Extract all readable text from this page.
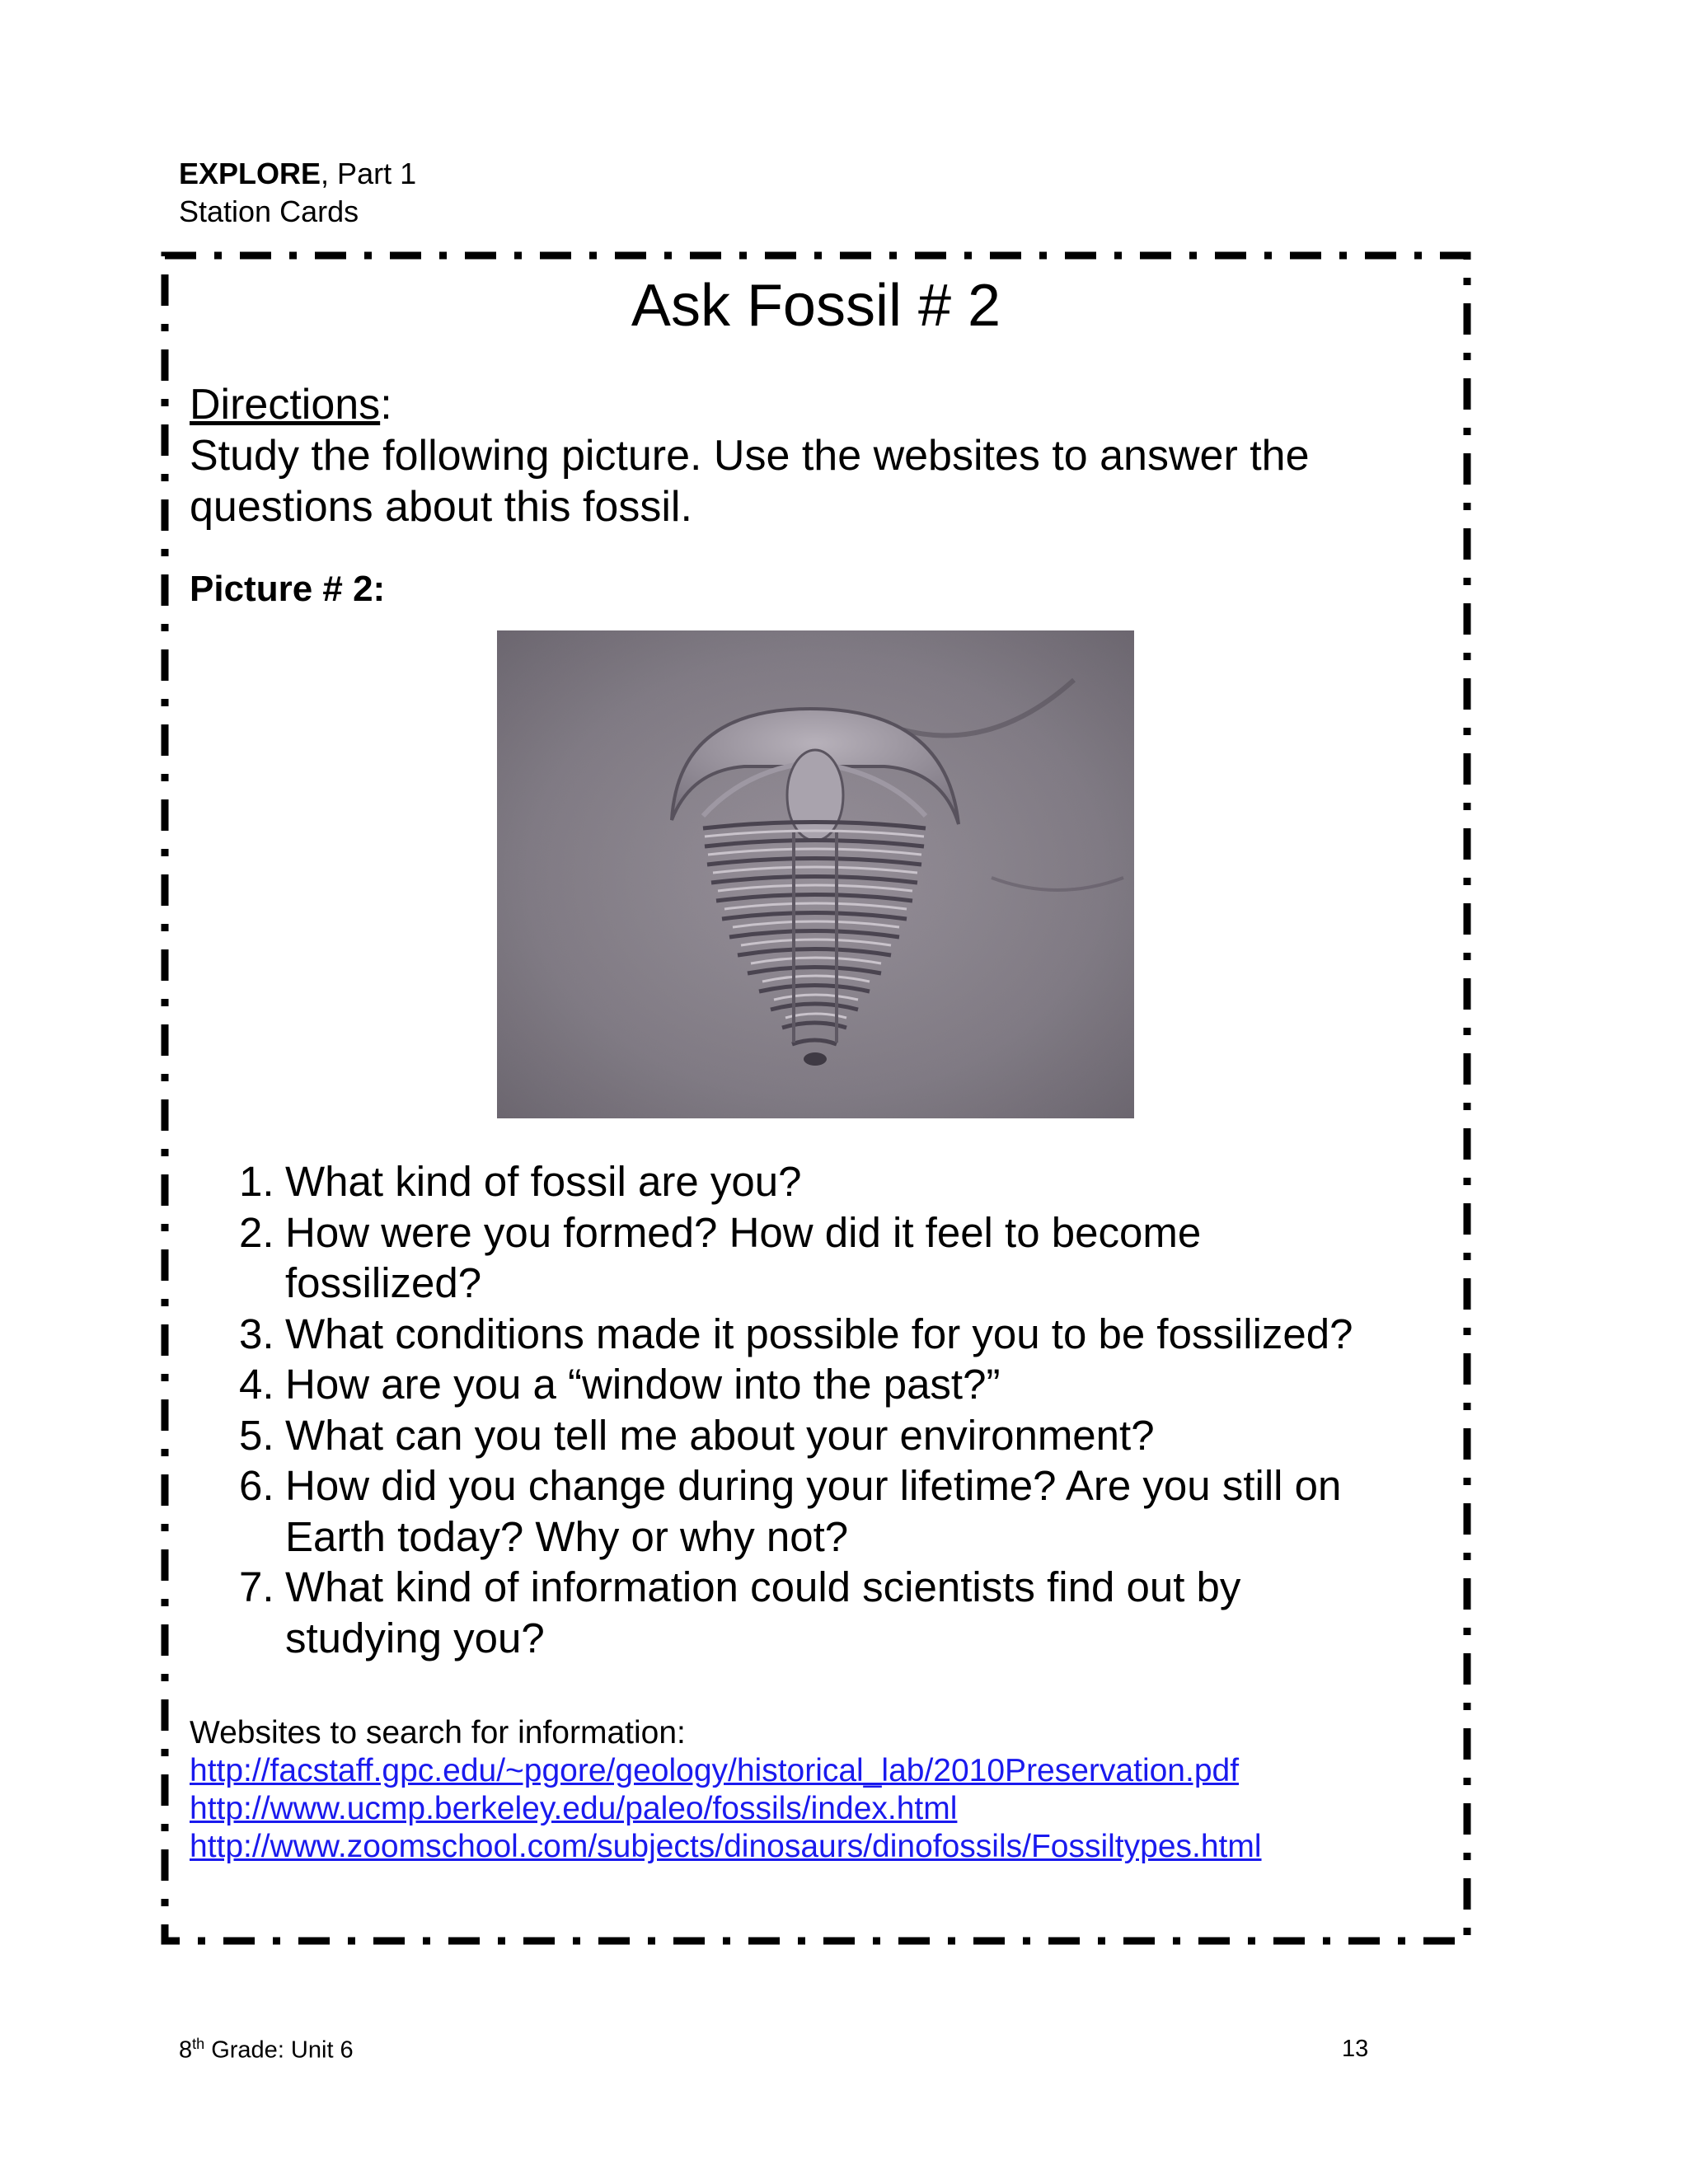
EXPLORE, Part 1
Station Cards
Ask Fossil # 2
Directions:
Study the following picture. Use the websites to answer the questions about this fossil.
Picture # 2:
1. What kind of fossil are you?
2. How were you formed? How did it feel to become fossilized?
3. What conditions made it possible for you to be fossilized?
4. How are you a “window into the past?”
5. What can you tell me about your environment?
6. How did you change during your lifetime? Are you still on Earth today? Why or why not?
7. What kind of information could scientists find out by studying you?
Websites to search for information:
http://facstaff.gpc.edu/~pgore/geology/historical_lab/2010Preservation.pdf
http://www.ucmp.berkeley.edu/paleo/fossils/index.html
http://www.zoomschool.com/subjects/dinosaurs/dinofossils/Fossiltypes.html
8th Grade: Unit 6	13
